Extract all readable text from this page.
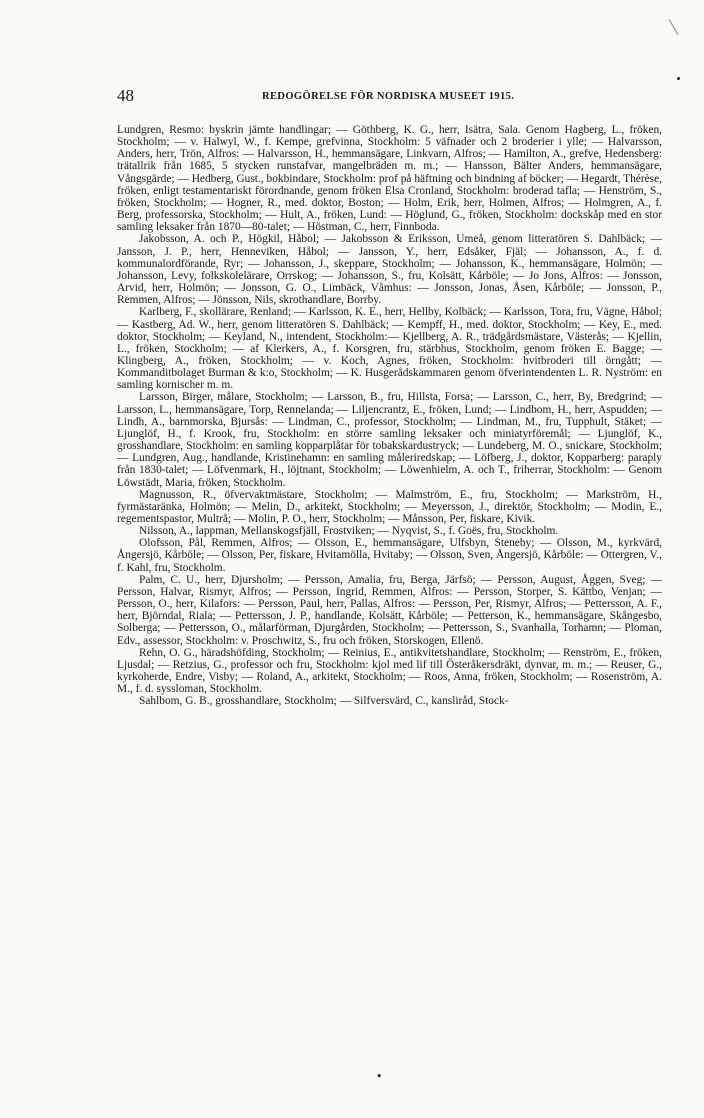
48	REDOGÖRELSE FÖR NORDISKA MUSEET 1915.

Lundgren, Resmo: byskrin jämte handlingar; — Göthberg, K. G., herr, Isätra, Sala. Genom Hagberg, L., fröken, Stockholm; — v. Halwyl, W., f. Kempe, grefvinna, Stockholm: 5 väfnader och 2 broderier i ylle; — Halvarsson, Anders, herr, Trön, Alfros: — Halvarsson, H., hemmansägare, Linkvarn, Alfros; — Hamilton, A., grefve, Hedensberg: trätallrik från 1685, 5 stycken runstafvar, mangelbräden m. m.; — Hansson, Bälter Anders, hemmansägare, Vångsgärde; — Hedberg, Gust., bokbindare, Stockholm: prof på häftning och bindning af böcker; — Hegardt, Thérèse, fröken, enligt testamentariskt förordnande, genom fröken Elsa Cronland, Stockholm: broderad tafla; — Henström, S., fröken, Stockholm; — Hogner, R., med. doktor, Boston; — Holm, Erik, herr, Holmen, Alfros; — Holmgren, A., f. Berg, professorska, Stockholm; — Hult, A., fröken, Lund: — Höglund, G., fröken, Stockholm: dockskåp med en stor samling leksaker från 1870—80-talet; — Höstman, C., herr, Finnboda.

Jakobsson, A. och P., Högkil, Håbol; — Jakobsson & Eriksson, Umeå, genom litteratören S. Dahlbäck; — Jansson, J. P., herr, Henneviken, Håbol; — Jansson, Y., herr, Edsåker, Fjäl; — Johansson, A., f. d. kommunalordförande, Ryr; — Johansson, J., skeppare, Stockholm; — Johansson, K., hemmansägare, Holmön; — Johansson, Levy, folkskolelärare, Orrskog; — Johansson, S., fru, Kolsätt, Kårböle; — Jo Jons, Alfros: — Jonsson, Arvid, herr, Holmön; — Jonsson, G. O., Limbäck, Våmhus: — Jonsson, Jonas, Åsen, Kårböle; — Jonsson, P., Remmen, Alfros; — Jönsson, Nils, skrothandlare, Borrby.

Karlberg, F., skollärare, Renland; — Karlsson, K. E., herr, Hellby, Kolbäck; — Karlsson, Tora, fru, Vägne, Håbol; — Kastberg, Ad. W., herr, genom litteratören S. Dahlbäck; — Kempff, H., med. doktor, Stockholm; — Key, E., med. doktor, Stockholm; — Keyland, N., intendent, Stockholm:— Kjellberg, A. R., trädgårdsmästare, Västerås; — Kjellin, L., fröken, Stockholm; — af Klerkers, A., f. Korsgren, fru, stärbhus, Stockholm, genom fröken E. Bagge; — Klingberg, A., fröken, Stockholm; — v. Koch, Agnes, fröken, Stockholm: hvitbroderi till örngått; — Kommanditbolaget Burman & k:o, Stockholm; — K. Husgerådskammaren genom öfverintendenten L. R. Nyström: en samling kornischer m. m.

Larsson, Birger, målare, Stockholm; — Larsson, B., fru, Hillsta, Forsa; — Larsson, C., herr, By, Bredgrind; — Larsson, L., hemmansägare, Torp, Rennelanda; — Liljencrantz, E., fröken, Lund; — Lindbom, H., herr, Aspudden; — Lindh, A., barnmorska, Bjursås: — Lindman, C., professor, Stockholm; — Lindman, M., fru, Tupphult, Stäket; — Ljunglöf, H., f. Krook, fru, Stockholm: en större samling leksaker och miniatyrföremål; — Ljunglöf, K., grosshandlare, Stockholm: en samling kopparplåtar för tobakskardustryck; — Lundeberg, M. O., snickare, Stockholm; — Lundgren, Aug., handlande, Kristinehamn: en samling måleriredskap; — Löfberg, J., doktor, Kopparberg: paraply från 1830-talet; — Löfvenmark, H., löjtnant, Stockholm; — Löwenhielm, A. och T., friherrar, Stockholm: — Genom Löwstädt, Maria, fröken, Stockholm.

Magnusson, R., öfvervaktmästare, Stockholm; — Malmström, E., fru, Stockholm; — Markström, H., fyrmästaränka, Holmön; — Melin, D., arkitekt, Stockholm; — Meyersson, J., direktör, Stockholm; — Modin, E., regementspastor, Multrå; — Molin, P. O., herr, Stockholm; — Månsson, Per, fiskare, Kivik.

Nilsson, A., lappman, Mellanskogsfjäll, Frostviken; — Nyqvist, S., f. Goës, fru, Stockholm.

Olofsson, Pål, Remmen, Alfros; — Olsson, E., hemmansägare, Ulfsbyn, Steneby; — Olsson, M., kyrkvärd, Ångersjö, Kårböle; — Olsson, Per, fiskare, Hvitamölla, Hvitaby; — Olsson, Sven, Ångersjö, Kårböle: — Ottergren, V., f. Kahl, fru, Stockholm.

Palm, C. U., herr, Djursholm; — Persson, Amalia, fru, Berga, Järfsö; — Persson, August, Åggen, Sveg; — Persson, Halvar, Rismyr, Alfros; — Persson, Ingrid, Remmen, Alfros: — Persson, Storper, S. Kättbo, Venjan; — Persson, O., herr, Kilafors: — Persson, Paul, herr, Pallas, Alfros: — Persson, Per, Rismyr, Alfros; — Pettersson, A. F., herr, Björndal, Riala; — Pettersson, J. P., handlande, Kolsätt, Kårböle; — Petterson, K., hemmansägare, Skångesbo, Solberga; — Pettersson, O., målarförman, Djurgården, Stockholm; — Pettersson, S., Svanhalla, Torhamn; — Ploman, Edv., assessor, Stockholm: v. Proschwitz, S., fru och fröken, Storskogen, Ellenö.

Rehn, O. G., häradshöfding, Stockholm; — Reinius, E., antikvitetshandlare, Stockholm; — Renström, E., fröken, Ljusdal; — Retzius, G., professor och fru, Stockholm: kjol med lif till Österåkersdräkt, dynvar, m. m.; — Reuser, G., kyrkoherde, Endre, Visby; — Roland, A., arkitekt, Stockholm; — Roos, Anna, fröken, Stockholm; — Rosenström, A. M., f. d. syssloman, Stockholm.

Sahlbom, G. B., grosshandlare, Stockholm; — Silfversvärd, C., kansliråd, Stock-

•
